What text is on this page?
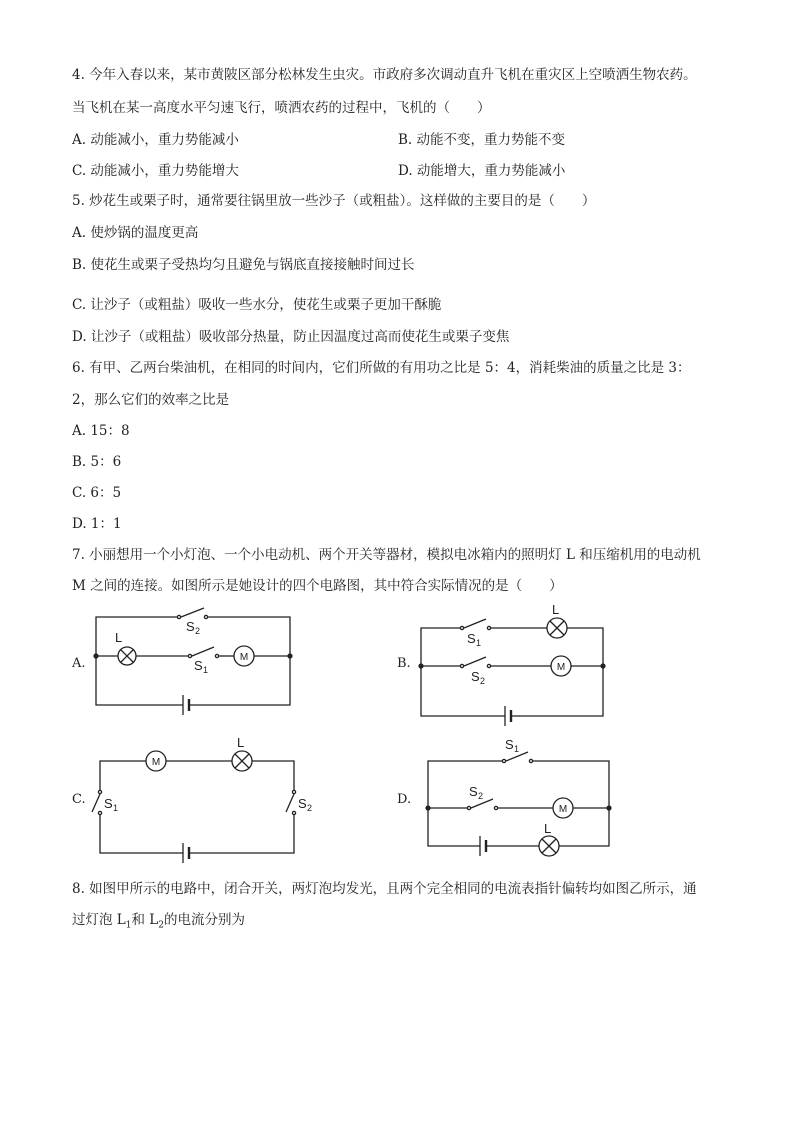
4. 今年入春以来，某市黄陂区部分松林发生虫灾。市政府多次调动直升飞机在重灾区上空喷洒生物农药。
当飞机在某一高度水平匀速飞行，喷洒农药的过程中，飞机的（　　）
A. 动能减小，重力势能减小	B. 动能不变，重力势能不变
C. 动能减小，重力势能增大	D. 动能增大，重力势能减小
5. 炒花生或栗子时，通常要往锅里放一些沙子（或粗盐）。这样做的主要目的是（　　）
A. 使炒锅的温度更高
B. 使花生或栗子受热均匀且避免与锅底直接接触时间过长
C. 让沙子（或粗盐）吸收一些水分，使花生或栗子更加干酥脆
D. 让沙子（或粗盐）吸收部分热量，防止因温度过高而使花生或栗子变焦
6. 有甲、乙两台柴油机，在相同的时间内，它们所做的有用功之比是 5：4，消耗柴油的质量之比是 3：
2，那么它们的效率之比是
A. 15：8
B. 5：6
C. 6：5
D. 1：1
7. 小丽想用一个小灯泡、一个小电动机、两个开关等器材，模拟电冰箱内的照明灯 L 和压缩机用的电动机
M 之间的连接。如图所示是她设计的四个电路图，其中符合实际情况的是（　　）
A.	B.
C.	D.
S 2
L
S 1
M
S 1
L
S 2
M
M
L
S 1	S 2
S 1
S 2
M
L
8. 如图甲所示的电路中，闭合开关，两灯泡均发光，且两个完全相同的电流表指针偏转均如图乙所示，通
过灯泡 $L_1$和 $L_2$的电流分别为
